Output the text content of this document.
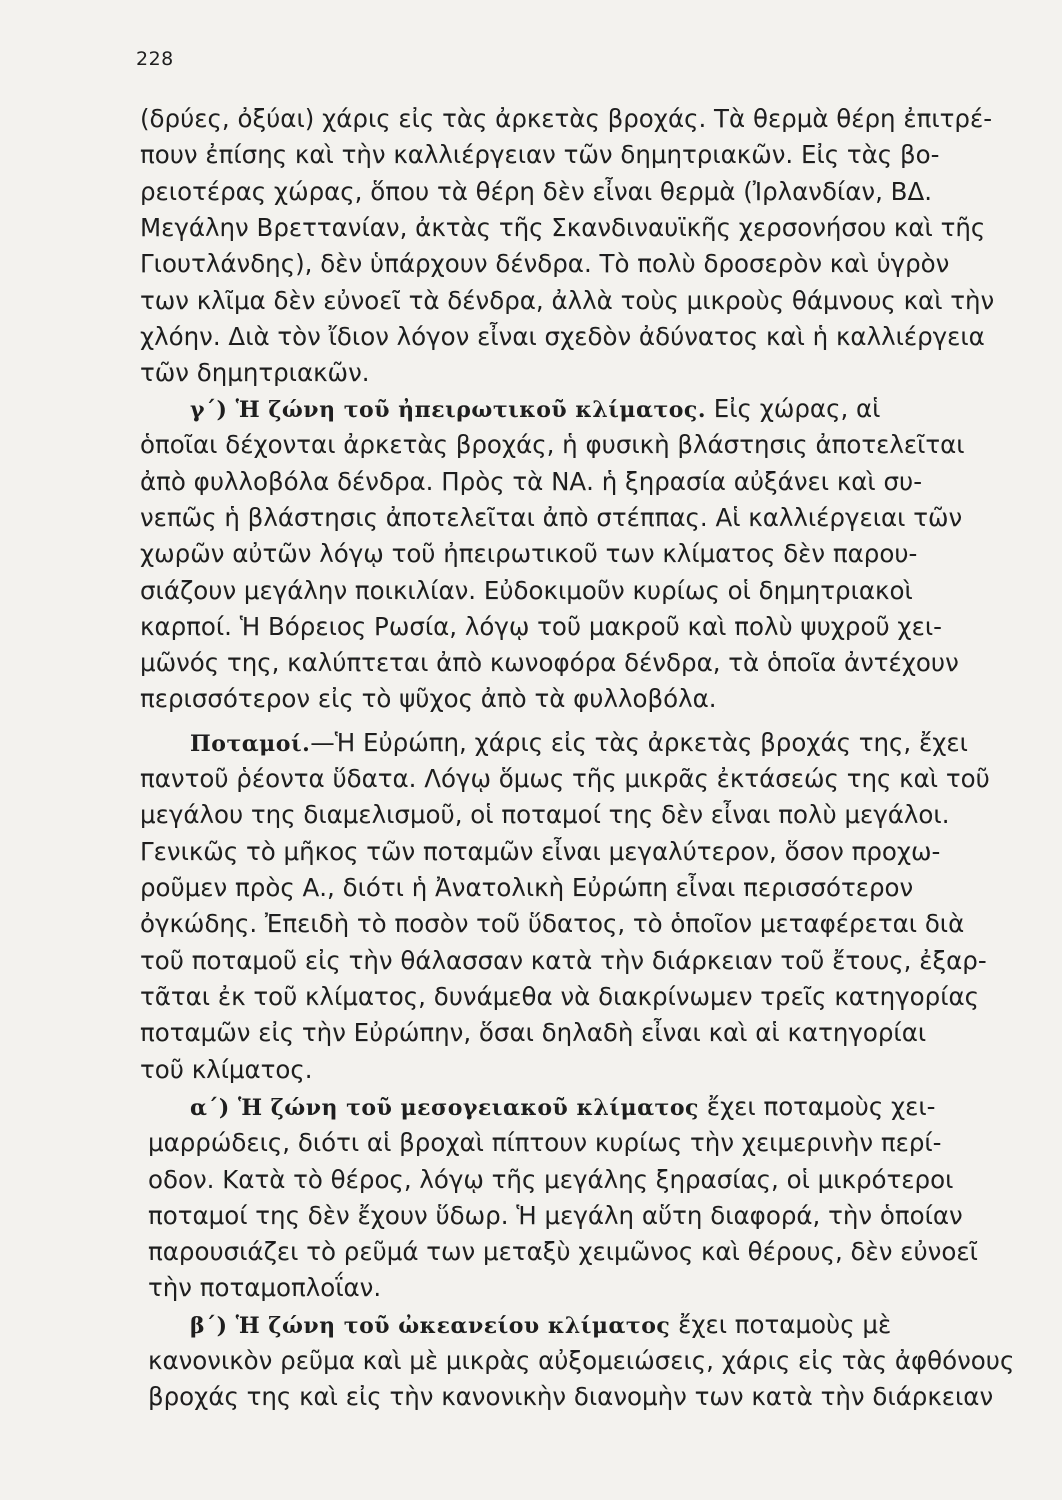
228
(δρύες, ὀξύαι) χάρις εἰς τὰς ἀρκετὰς βροχάς. Τὰ θερμὰ θέρη ἐπιτρέ-
πουν ἐπίσης καὶ τὴν καλλιέργειαν τῶν δημητριακῶν. Εἰς τὰς βο-
ρειοτέρας χώρας, ὅπου τὰ θέρη δὲν εἶναι θερμὰ (Ἰρλανδίαν, ΒΔ.
Μεγάλην Βρεττανίαν, ἀκτὰς τῆς Σκανδιναυϊκῆς χερσονήσου καὶ τῆς
Γιουτλάνδης), δὲν ὑπάρχουν δένδρα. Τὸ πολὺ δροσερὸν καὶ ὑγρὸν
των κλῖμα δὲν εὐνοεῖ τὰ δένδρα, ἀλλὰ τοὺς μικροὺς θάμνους καὶ τὴν
χλόην. Διὰ τὸν ἴδιον λόγον εἶναι σχεδὸν ἀδύνατος καὶ ἡ καλλιέργεια
τῶν δημητριακῶν.
γ΄) Ἡ ζώνη τοῦ ἠπειρωτικοῦ κλίματος. Εἰς χώρας, αἱ
ὁποῖαι δέχονται ἀρκετὰς βροχάς, ἡ φυσικὴ βλάστησις ἀποτελεῖται
ἀπὸ φυλλοβόλα δένδρα. Πρὸς τὰ ΝΑ. ἡ ξηρασία αὐξάνει καὶ συ-
νεπῶς ἡ βλάστησις ἀποτελεῖται ἀπὸ στέππας. Αἱ καλλιέργειαι τῶν
χωρῶν αὐτῶν λόγῳ τοῦ ἠπειρωτικοῦ των κλίματος δὲν παρου-
σιάζουν μεγάλην ποικιλίαν. Εὐδοκιμοῦν κυρίως οἱ δημητριακοὶ
καρποί. Ἡ Βόρειος Ρωσία, λόγῳ τοῦ μακροῦ καὶ πολὺ ψυχροῦ χει-
μῶνός της, καλύπτεται ἀπὸ κωνοφόρα δένδρα, τὰ ὁποῖα ἀντέχουν
περισσότερον εἰς τὸ ψῦχος ἀπὸ τὰ φυλλοβόλα.
Ποταμοί.—Ἡ Εὐρώπη, χάρις εἰς τὰς ἀρκετὰς βροχάς της, ἔχει
παντοῦ ῥέοντα ὕδατα. Λόγῳ ὅμως τῆς μικρᾶς ἐκτάσεώς της καὶ τοῦ
μεγάλου της διαμελισμοῦ, οἱ ποταμοί της δὲν εἶναι πολὺ μεγάλοι.
Γενικῶς τὸ μῆκος τῶν ποταμῶν εἶναι μεγαλύτερον, ὅσον προχω-
ροῦμεν πρὸς Α., διότι ἡ Ἀνατολικὴ Εὐρώπη εἶναι περισσότερον
ὀγκώδης. Ἐπειδὴ τὸ ποσὸν τοῦ ὕδατος, τὸ ὁποῖον μεταφέρεται διὰ
τοῦ ποταμοῦ εἰς τὴν θάλασσαν κατὰ τὴν διάρκειαν τοῦ ἔτους, ἐξαρ-
τᾶται ἐκ τοῦ κλίματος, δυνάμεθα νὰ διακρίνωμεν τρεῖς κατηγορίας
ποταμῶν εἰς τὴν Εὐρώπην, ὅσαι δηλαδὴ εἶναι καὶ αἱ κατηγορίαι
τοῦ κλίματος.
α΄) Ἡ ζώνη τοῦ μεσογειακοῦ κλίματος ἔχει ποταμοὺς χει-
μαρρώδεις, διότι αἱ βροχαὶ πίπτουν κυρίως τὴν χειμερινὴν περί-
οδον. Κατὰ τὸ θέρος, λόγῳ τῆς μεγάλης ξηρασίας, οἱ μικρότεροι
ποταμοί της δὲν ἔχουν ὕδωρ. Ἡ μεγάλη αὕτη διαφορά, τὴν ὁποίαν
παρουσιάζει τὸ ρεῦμά των μεταξὺ χειμῶνος καὶ θέρους, δὲν εὐνοεῖ
τὴν ποταμοπλοΐαν.
β΄) Ἡ ζώνη τοῦ ὠκεανείου κλίματος ἔχει ποταμοὺς μὲ
κανονικὸν ρεῦμα καὶ μὲ μικρὰς αὐξομειώσεις, χάρις εἰς τὰς ἀφθόνους
βροχάς της καὶ εἰς τὴν κανονικὴν διανομὴν των κατὰ τὴν διάρκειαν
